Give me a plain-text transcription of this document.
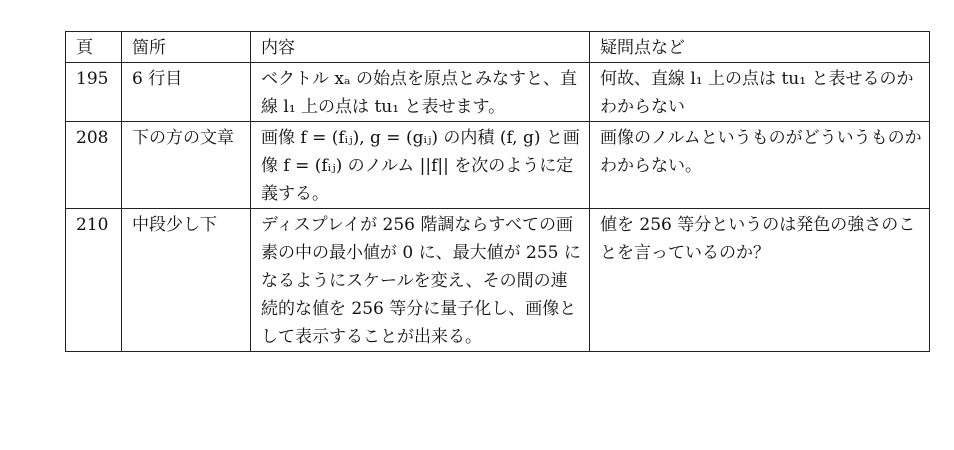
頁	箇所	内容	疑問点など
195	6 行目	ベクトル xₐ の始点を原点とみなすと、直線 l₁ 上の点は tu₁ と表せます。	何故、直線 l₁ 上の点は tu₁ と表せるのかわからない
208	下の方の文章	画像 f = (fᵢⱼ), g = (gᵢⱼ) の内積 (f, g) と画像 f = (fᵢⱼ) のノルム ||f|| を次のように定義する。	画像のノルムというものがどういうものかわからない。
210	中段少し下	ディスプレイが 256 階調ならすべての画素の中の最小値が 0 に、最大値が 255 になるようにスケールを変え、その間の連続的な値を 256 等分に量子化し、画像として表示することが出来る。	値を 256 等分というのは発色の強さのことを言っているのか？
